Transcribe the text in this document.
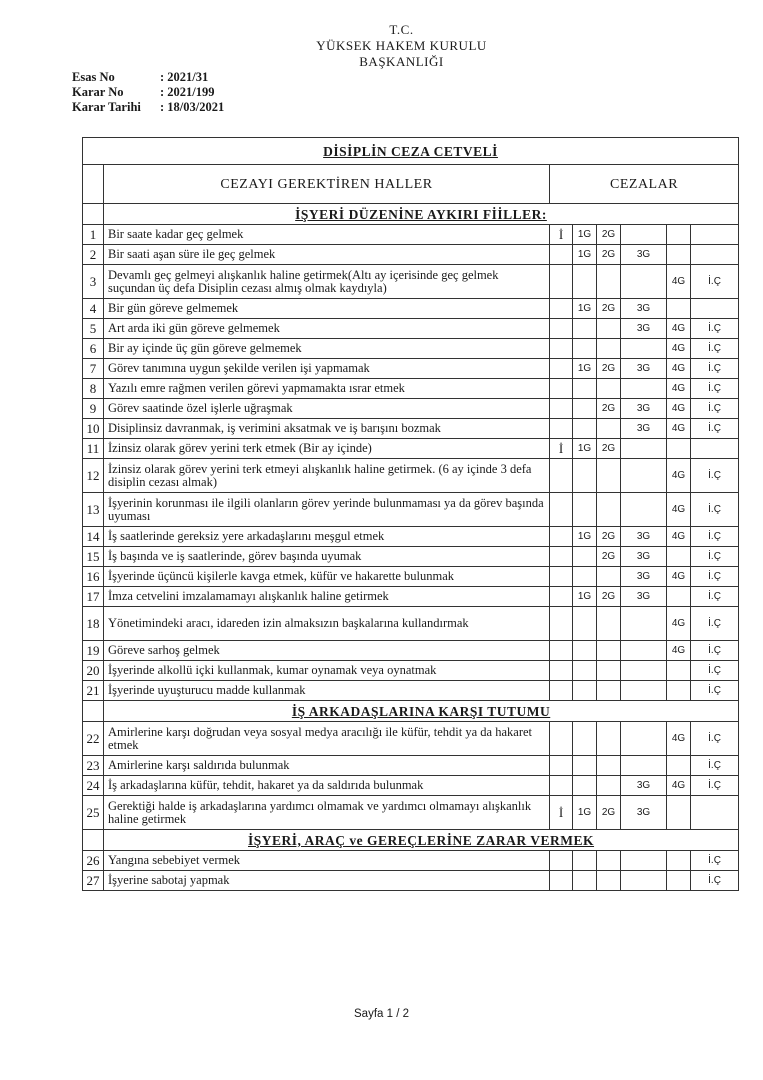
T.C.
YÜKSEK HAKEM KURULU
BAŞKANLIĞI
Esas No	: 2021/31
Karar No	: 2021/199
Karar Tarihi	: 18/03/2021
DİSİPLİN CEZA CETVELİ							
	CEZAYI GEREKTİREN HALLER	CEZALAR					
	İŞYERİ DÜZENİNE AYKIRI FİİLLER:						
1	Bir saate kadar geç gelmek	İ	1G	2G			
2	Bir saati aşan süre ile geç gelmek		1G	2G	3G		
3	Devamlı geç gelmeyi alışkanlık haline getirmek(Altı ay içerisinde geç gelmek suçundan üç defa Disiplin cezası almış olmak kaydıyla)					4G	İ.Ç
4	Bir gün göreve gelmemek		1G	2G	3G		
5	Art arda iki gün göreve gelmemek				3G	4G	İ.Ç
6	Bir ay içinde üç gün göreve gelmemek					4G	İ.Ç
7	Görev tanımına uygun şekilde verilen işi yapmamak		1G	2G	3G	4G	İ.Ç
8	Yazılı emre rağmen verilen görevi yapmamakta ısrar etmek					4G	İ.Ç
9	Görev saatinde özel işlerle uğraşmak			2G	3G	4G	İ.Ç
10	Disiplinsiz davranmak, iş verimini aksatmak ve iş barışını bozmak				3G	4G	İ.Ç
11	İzinsiz olarak görev yerini terk etmek (Bir ay içinde)	İ	1G	2G			
12	İzinsiz olarak görev yerini terk etmeyi alışkanlık haline getirmek. (6 ay içinde 3 defa disiplin cezası almak)					4G	İ.Ç
13	İşyerinin korunması ile ilgili olanların görev yerinde bulunmaması ya da görev başında uyuması					4G	İ.Ç
14	İş saatlerinde gereksiz yere arkadaşlarını meşgul etmek		1G	2G	3G	4G	İ.Ç
15	İş başında ve iş saatlerinde, görev başında uyumak			2G	3G		İ.Ç
16	İşyerinde üçüncü kişilerle kavga etmek, küfür ve hakarette bulunmak				3G	4G	İ.Ç
17	İmza cetvelini imzalamamayı alışkanlık haline getirmek		1G	2G	3G		İ.Ç
18	Yönetimindeki aracı, idareden izin almaksızın başkalarına kullandırmak					4G	İ.Ç
19	Göreve sarhoş gelmek					4G	İ.Ç
20	İşyerinde alkollü içki kullanmak, kumar oynamak veya oynatmak						İ.Ç
21	İşyerinde uyuşturucu madde kullanmak						İ.Ç
	İŞ ARKADAŞLARINA KARŞI TUTUMU						
22	Amirlerine karşı doğrudan veya sosyal medya aracılığı ile küfür, tehdit ya da hakaret etmek					4G	İ.Ç
23	Amirlerine karşı saldırıda bulunmak						İ.Ç
24	İş arkadaşlarına küfür, tehdit, hakaret ya da saldırıda bulunmak				3G	4G	İ.Ç
25	Gerektiği halde iş arkadaşlarına yardımcı olmamak ve yardımcı olmamayı alışkanlık haline getirmek	İ	1G	2G	3G		
	İŞYERİ, ARAÇ ve GEREÇLERİNE ZARAR VERMEK						
26	Yangına sebebiyet vermek						İ.Ç
27	İşyerine sabotaj yapmak						İ.Ç
Sayfa 1 / 2
